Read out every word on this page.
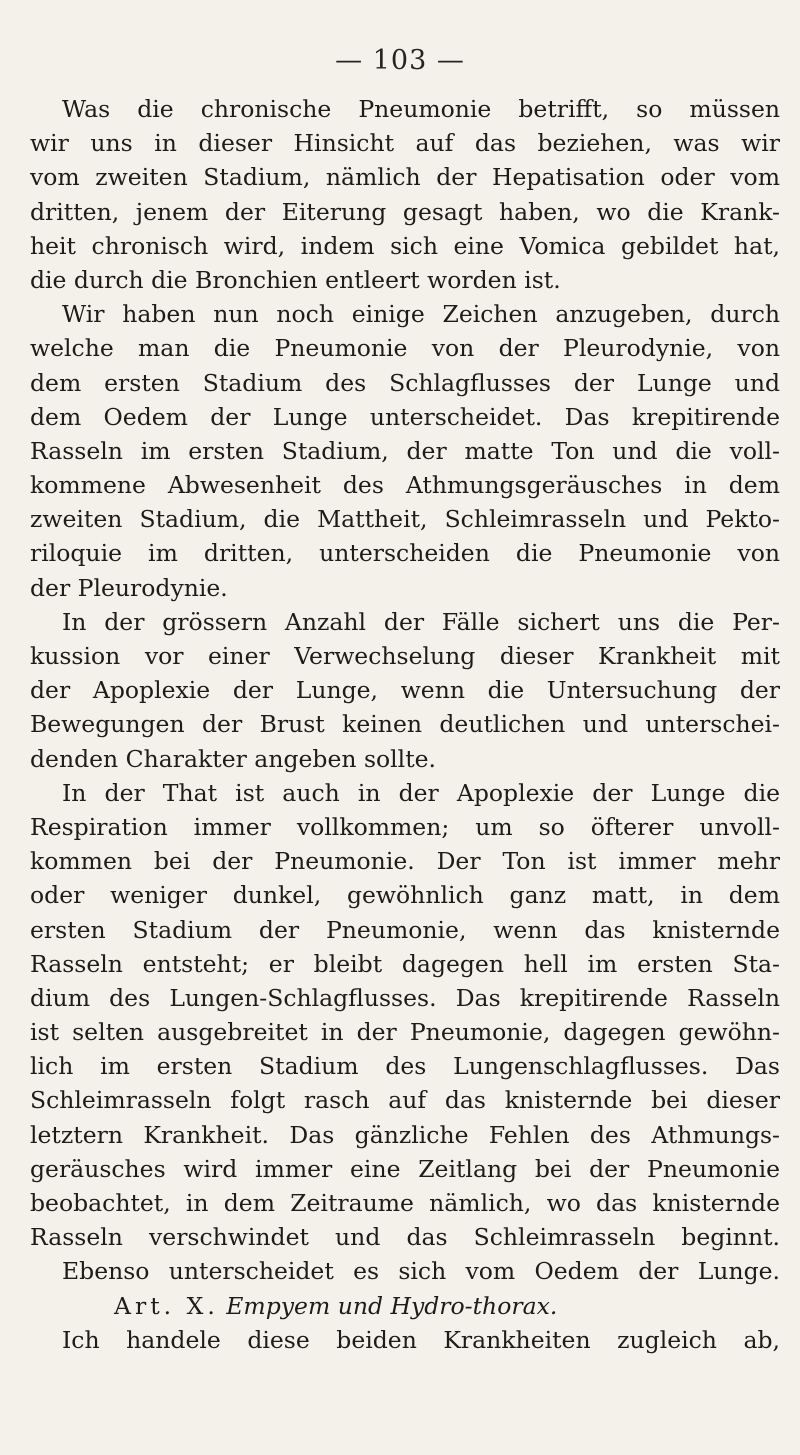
— 103 —
Was die chronische Pneumonie betrifft, so müssen
wir uns in dieser Hinsicht auf das beziehen, was wir
vom zweiten Stadium, nämlich der Hepatisation oder vom
dritten, jenem der Eiterung gesagt haben, wo die Krank-
heit chronisch wird, indem sich eine Vomica gebildet hat,
die durch die Bronchien entleert worden ist.
Wir haben nun noch einige Zeichen anzugeben, durch
welche man die Pneumonie von der Pleurodynie, von
dem ersten Stadium des Schlagflusses der Lunge und
dem Oedem der Lunge unterscheidet. Das krepitirende
Rasseln im ersten Stadium, der matte Ton und die voll-
kommene Abwesenheit des Athmungsgeräusches in dem
zweiten Stadium, die Mattheit, Schleimrasseln und Pekto-
riloquie im dritten, unterscheiden die Pneumonie von
der Pleurodynie.
In der grössern Anzahl der Fälle sichert uns die Per-
kussion vor einer Verwechselung dieser Krankheit mit
der Apoplexie der Lunge, wenn die Untersuchung der
Bewegungen der Brust keinen deutlichen und unterschei-
denden Charakter angeben sollte.
In der That ist auch in der Apoplexie der Lunge die
Respiration immer vollkommen; um so öfterer unvoll-
kommen bei der Pneumonie. Der Ton ist immer mehr
oder weniger dunkel, gewöhnlich ganz matt, in dem
ersten Stadium der Pneumonie, wenn das knisternde
Rasseln entsteht; er bleibt dagegen hell im ersten Sta-
dium des Lungen-Schlagflusses. Das krepitirende Rasseln
ist selten ausgebreitet in der Pneumonie, dagegen gewöhn-
lich im ersten Stadium des Lungenschlagflusses. Das
Schleimrasseln folgt rasch auf das knisternde bei dieser
letztern Krankheit. Das gänzliche Fehlen des Athmungs-
geräusches wird immer eine Zeitlang bei der Pneumonie
beobachtet, in dem Zeitraume nämlich, wo das knisternde
Rasseln verschwindet und das Schleimrasseln beginnt.
Ebenso unterscheidet es sich vom Oedem der Lunge.
Art. X. Empyem und Hydro-thorax.
Ich handele diese beiden Krankheiten zugleich ab,
